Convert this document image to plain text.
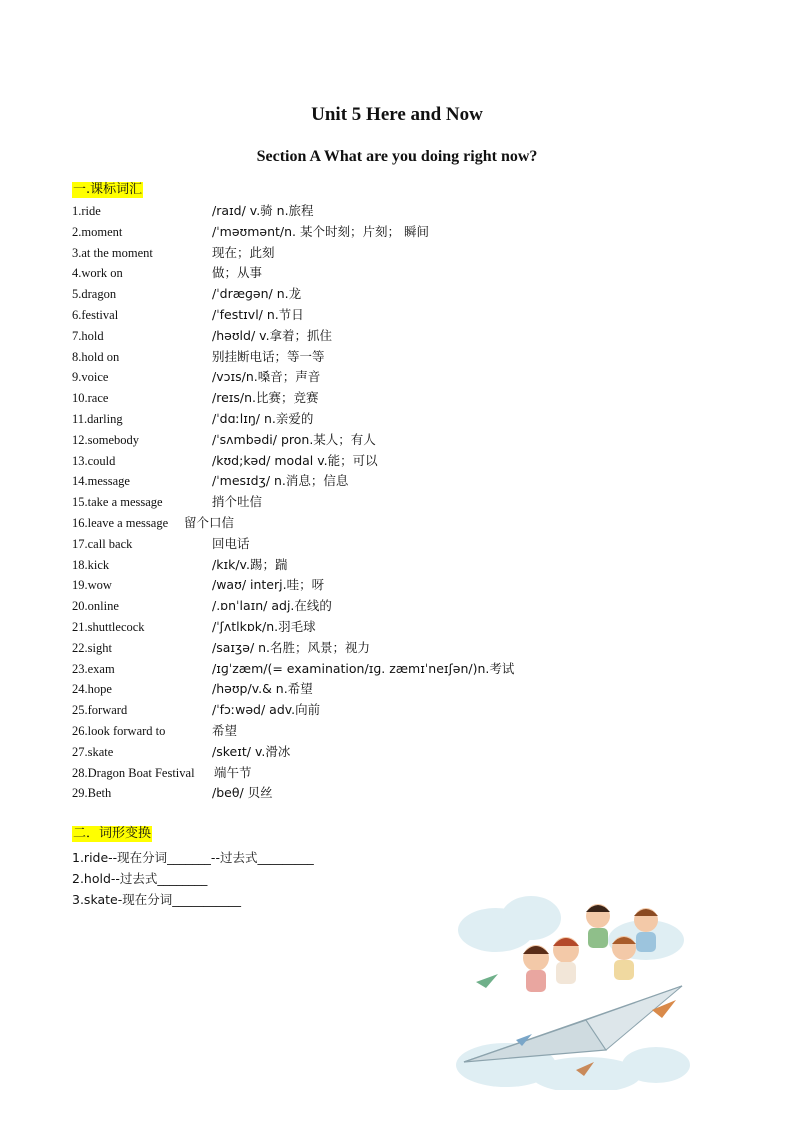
Unit 5 Here and Now
Section A What are you doing right now?
一.课标词汇
1.ride	/raɪd/ v.骑 n.旅程
2.moment	/ˈməʊmənt/n. 某个时刻；片刻； 瞬间
3.at the moment	现在；此刻
4.work on	做；从事
5.dragon	/ˈdræɡən/ n.龙
6.festival	/ˈfestɪvl/ n.节日
7.hold	/həʊld/ v.拿着；抓住
8.hold on	别挂断电话；等一等
9.voice	/vɔɪs/n.嗓音；声音
10.race	/reɪs/n.比赛；竞赛
11.darling	/ˈdɑːlɪŋ/ n.亲爱的
12.somebody	/ˈsʌmbədi/ pron.某人；有人
13.could	/kʊd;kəd/ modal v.能；可以
14.message	/ˈmesɪdʒ/ n.消息；信息
15.take a message	捎个吐信
16.leave a message 留个口信
17.call back	回电话
18.kick	/kɪk/v.踢；踹
19.wow	/waʊ/ interj.哇；呀
20.online	/.ɒnˈlaɪn/ adj.在线的
21.shuttlecock	/ˈʃʌtlkɒk/n.羽毛球
22.sight	/saɪʒə/ n.名胜；风景；视力
23.exam	/ɪɡˈzæm/(= examination/ɪɡ. zæmɪˈneɪʃən/)n.考试
24.hope	/həʊp/v.& n.希望
25.forward	/ˈfɔːwəd/ adv.向前
26.look forward to	希望
27.skate	/skeɪt/ v.滑冰
28.Dragon Boat Festival 端午节
29.Beth	/beθ/ 贝丝
二．词形变换
1.ride--现在分词_______--过去式_________
2.hold--过去式________
3.skate-现在分词___________
